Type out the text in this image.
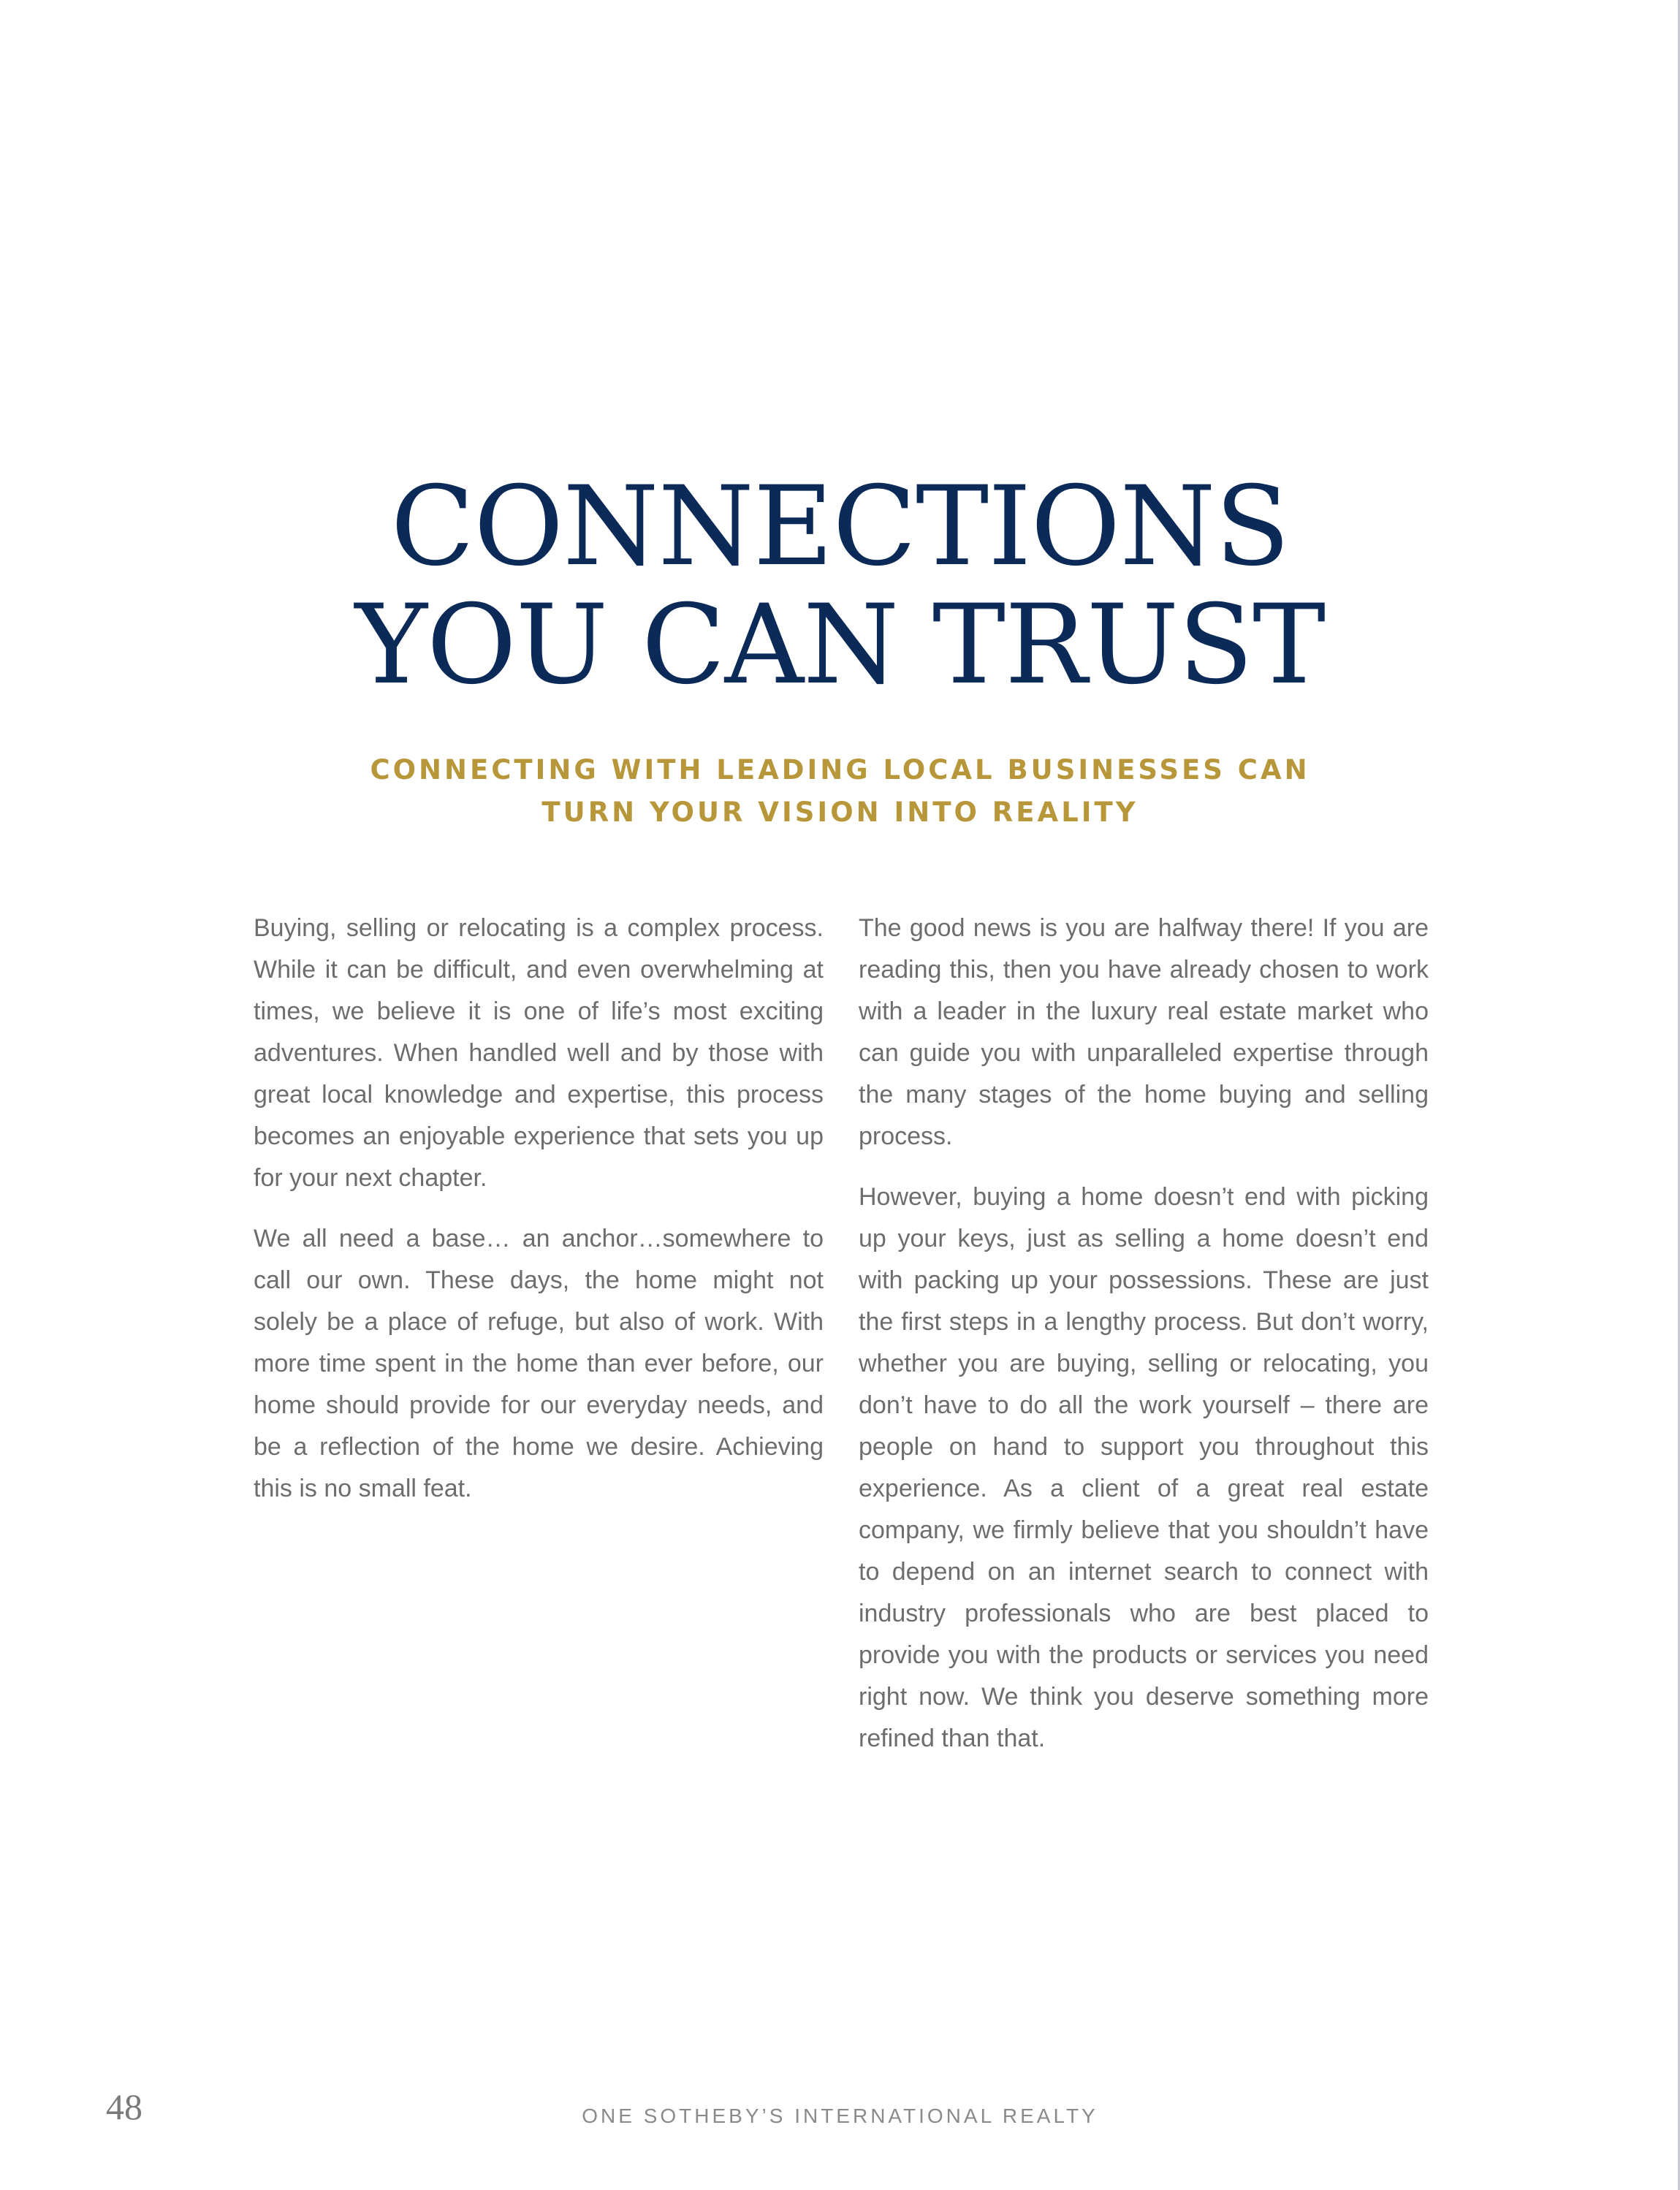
CONNECTIONS
YOU CAN TRUST
CONNECTING WITH LEADING LOCAL BUSINESSES CAN
TURN YOUR VISION INTO REALITY

Buying, selling or relocating is a complex process. While it can be difficult, and even overwhelming at times, we believe it is one of life’s most exciting adventures. When handled well and by those with great local knowledge and expertise, this process becomes an enjoyable experience that sets you up for your next chapter.

We all need a base… an anchor…somewhere to call our own. These days, the home might not solely be a place of refuge, but also of work. With more time spent in the home than ever before, our home should provide for our everyday needs, and be a reflection of the home we desire. Achieving this is no small feat.

The good news is you are halfway there! If you are reading this, then you have already chosen to work with a leader in the luxury real estate market who can guide you with unparalleled expertise through the many stages of the home buying and selling process.

However, buying a home doesn’t end with picking up your keys, just as selling a home doesn’t end with packing up your possessions. These are just the first steps in a lengthy process. But don’t worry, whether you are buying, selling or relocating, you don’t have to do all the work yourself – there are people on hand to support you throughout this experience. As a client of a great real estate company, we firmly believe that you shouldn’t have to depend on an internet search to connect with industry professionals who are best placed to provide you with the products or services you need right now. We think you deserve something more refined than that.

48	ONE SOTHEBY’S INTERNATIONAL REALTY
